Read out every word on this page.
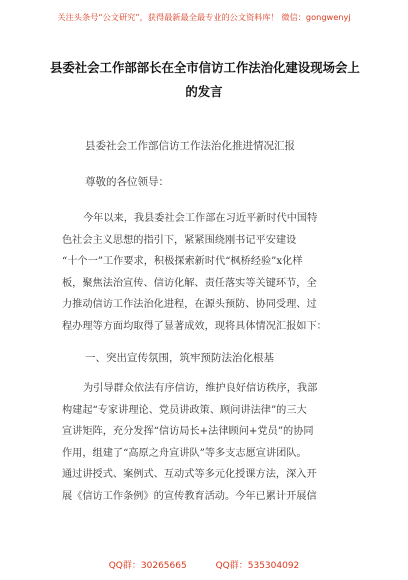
关注头条号“公文研究”，获得最新最全最专业的公文资料库！ 微信：gongwenyj
县委社会工作部部长在全市信访工作法治化建设现场会上
的发言
县委社会工作部信访工作法治化推进情况汇报
尊敬的各位领导：
今年以来，我县委社会工作部在习近平新时代中国特
色社会主义思想的指引下，紧紧围绕刚书记平安建设
“十个一”工作要求，积极探索新时代“枫桥经验”x化样
板，聚焦法治宣传、信访化解、责任落实等关键环节，全
力推动信访工作法治化进程，在源头预防、协同受理、过
程办理等方面均取得了显著成效，现将具体情况汇报如下：
一、突出宣传氛围，筑牢预防法治化根基
为引导群众依法有序信访，维护良好信访秩序，我部
构建起“专家讲理论、党员讲政策、顾问讲法律”的三大
宣讲矩阵，充分发挥“信访局长+法律顾问+党员”的协同
作用，组建了“高原之舟宣讲队”等多支志愿宣讲团队。
通过讲授式、案例式、互动式等多元化授课方法，深入开
展《信访工作条例》的宣传教育活动。今年已累计开展信
QQ群：30265665	QQ群：535304092
